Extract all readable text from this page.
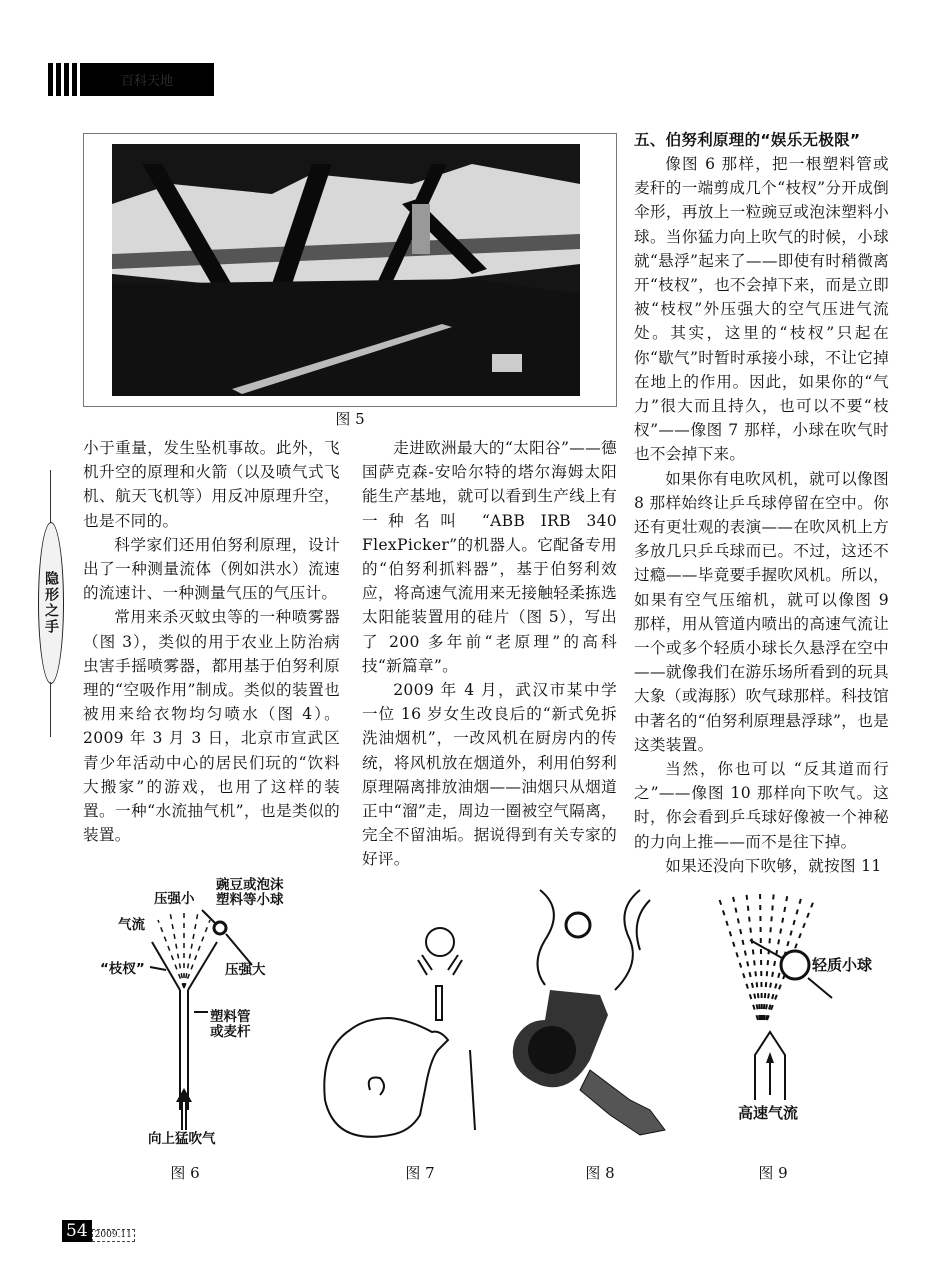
百科天地
图 5
隐形之手

小于重量，发生坠机事故。此外，飞机升空的原理和火箭（以及喷气式飞机、航天飞机等）用反冲原理升空，也是不同的。

科学家们还用伯努利原理，设计出了一种测量流体（例如洪水）流速的流速计、一种测量气压的气压计。

常用来杀灭蚊虫等的一种喷雾器（图 3），类似的用于农业上防治病虫害手摇喷雾器，都用基于伯努利原理的“空吸作用”制成。类似的装置也被用来给衣物均匀喷水（图 4）。2009 年 3 月 3 日，北京市宣武区青少年活动中心的居民们玩的“饮料大搬家”的游戏，也用了这样的装置。一种“水流抽气机”，也是类似的装置。

走进欧洲最大的“太阳谷”——德国萨克森-安哈尔特的塔尔海姆太阳能生产基地，就可以看到生产线上有一种名叫 “ABB IRB 340 FlexPicker”的机器人。它配备专用的“伯努利抓料器”，基于伯努利效应，将高速气流用来无接触轻柔拣选太阳能装置用的硅片（图 5），写出了 200 多年前“老原理”的高科技“新篇章”。

2009 年 4 月，武汉市某中学一位 16 岁女生改良后的“新式免拆洗油烟机”，一改风机在厨房内的传统，将风机放在烟道外，利用伯努利原理隔离排放油烟——油烟只从烟道正中“溜”走，周边一圈被空气隔离，完全不留油垢。据说得到有关专家的好评。

五、伯努利原理的“娱乐无极限”

像图 6 那样，把一根塑料管或麦秆的一端剪成几个“枝杈”分开成倒伞形，再放上一粒豌豆或泡沫塑料小球。当你猛力向上吹气的时候，小球就“悬浮”起来了——即使有时稍微离开“枝杈”，也不会掉下来，而是立即被“枝杈”外压强大的空气压进气流处。其实，这里的“枝杈”只起在你“歇气”时暂时承接小球，不让它掉在地上的作用。因此，如果你的“气力”很大而且持久，也可以不要“枝杈”——像图 7 那样，小球在吹气时也不会掉下来。

如果你有电吹风机，就可以像图 8 那样始终让乒乓球停留在空中。你还有更壮观的表演——在吹风机上方多放几只乒乓球而已。不过，这还不过瘾——毕竟要手握吹风机。所以，如果有空气压缩机，就可以像图 9 那样，用从管道内喷出的高速气流让一个或多个轻质小球长久悬浮在空中——就像我们在游乐场所看到的玩具大象（或海豚）吹气球那样。科技馆中著名的“伯努利原理悬浮球”，也是这类装置。

当然，你也可以 “反其道而行之”——像图 10 那样向下吹气。这时，你会看到乒乓球好像被一个神秘的力向上推——而不是往下掉。

如果还没向下吹够，就按图 11

豌豆或泡沫
塑料等小球
压强小
气流
“枝杈”	压强大
塑料管
或麦杆
向上猛吹气
图 6	图 7	图 8
轻质小球
高速气流
图 9
54 2009.11
